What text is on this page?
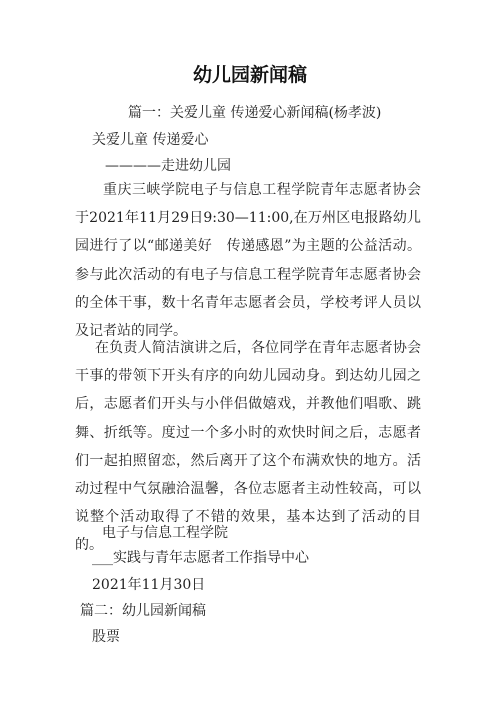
幼儿园新闻稿
篇一：关爱儿童 传递爱心新闻稿(杨孝波)
关爱儿童 传递爱心
————走进幼儿园
重庆三峡学院电子与信息工程学院青年志愿者协会于2021年11月29日9:30—11:00,在万州区电报路幼儿园进行了以“邮递美好　传递感恩”为主题的公益活动。参与此次活动的有电子与信息工程学院青年志愿者协会的全体干事，数十名青年志愿者会员，学校考评人员以及记者站的同学。
在负责人简洁演讲之后，各位同学在青年志愿者协会干事的带领下开头有序的向幼儿园动身。到达幼儿园之后，志愿者们开头与小伴侣做嬉戏，并教他们唱歌、跳舞、折纸等。度过一个多小时的欢快时间之后，志愿者们一起拍照留恋，然后离开了这个布满欢快的地方。活动过程中气氛融洽温馨，各位志愿者主动性较高，可以说整个活动取得了不错的效果，基本达到了活动的目的。
电子与信息工程学院
___实践与青年志愿者工作指导中心
2021年11月30日
篇二：幼儿园新闻稿
股票
